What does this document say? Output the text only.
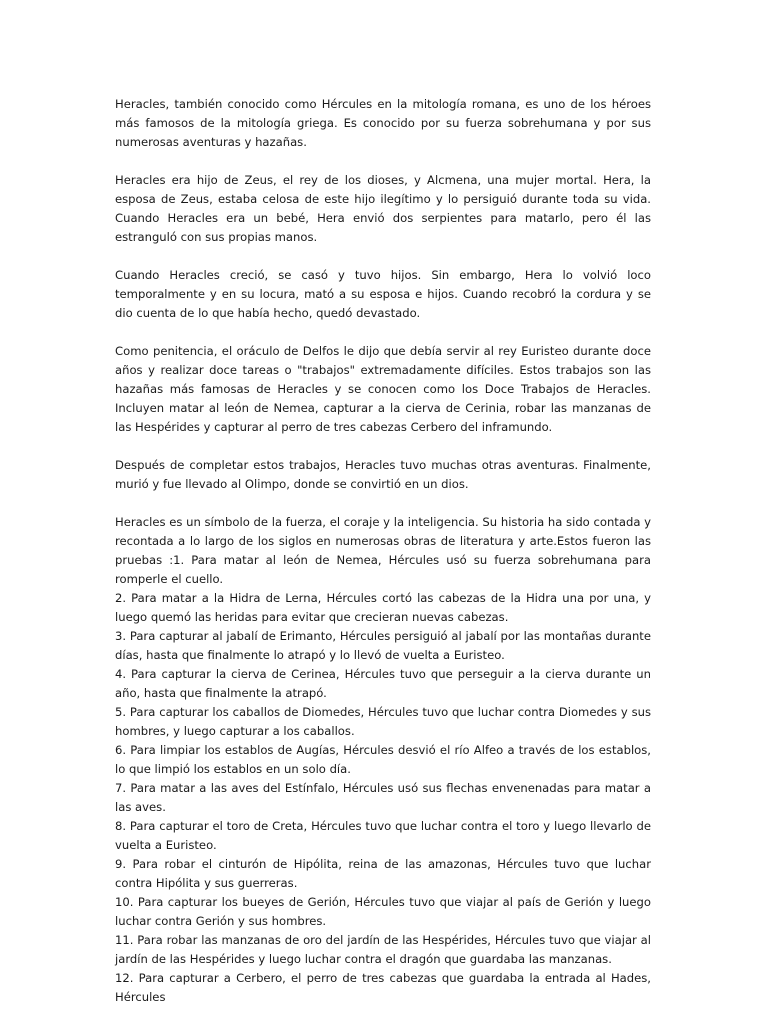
Heracles, también conocido como Hércules en la mitología romana, es uno de los héroes más famosos de la mitología griega. Es conocido por su fuerza sobrehumana y por sus numerosas aventuras y hazañas.

Heracles era hijo de Zeus, el rey de los dioses, y Alcmena, una mujer mortal. Hera, la esposa de Zeus, estaba celosa de este hijo ilegítimo y lo persiguió durante toda su vida. Cuando Heracles era un bebé, Hera envió dos serpientes para matarlo, pero él las estranguló con sus propias manos.

Cuando Heracles creció, se casó y tuvo hijos. Sin embargo, Hera lo volvió loco temporalmente y en su locura, mató a su esposa e hijos. Cuando recobró la cordura y se dio cuenta de lo que había hecho, quedó devastado.

Como penitencia, el oráculo de Delfos le dijo que debía servir al rey Euristeo durante doce años y realizar doce tareas o "trabajos" extremadamente difíciles. Estos trabajos son las hazañas más famosas de Heracles y se conocen como los Doce Trabajos de Heracles. Incluyen matar al león de Nemea, capturar a la cierva de Cerinia, robar las manzanas de las Hespérides y capturar al perro de tres cabezas Cerbero del inframundo.

Después de completar estos trabajos, Heracles tuvo muchas otras aventuras. Finalmente, murió y fue llevado al Olimpo, donde se convirtió en un dios.

Heracles es un símbolo de la fuerza, el coraje y la inteligencia. Su historia ha sido contada y recontada a lo largo de los siglos en numerosas obras de literatura y arte.Estos fueron las pruebas :1. Para matar al león de Nemea, Hércules usó su fuerza sobrehumana para romperle el cuello.

2. Para matar a la Hidra de Lerna, Hércules cortó las cabezas de la Hidra una por una, y luego quemó las heridas para evitar que crecieran nuevas cabezas.

3. Para capturar al jabalí de Erimanto, Hércules persiguió al jabalí por las montañas durante días, hasta que finalmente lo atrapó y lo llevó de vuelta a Euristeo.

4. Para capturar la cierva de Cerinea, Hércules tuvo que perseguir a la cierva durante un año, hasta que finalmente la atrapó.

5. Para capturar los caballos de Diomedes, Hércules tuvo que luchar contra Diomedes y sus hombres, y luego capturar a los caballos.

6. Para limpiar los establos de Augías, Hércules desvió el río Alfeo a través de los establos, lo que limpió los establos en un solo día.

7. Para matar a las aves del Estínfalo, Hércules usó sus flechas envenenadas para matar a las aves.

8. Para capturar el toro de Creta, Hércules tuvo que luchar contra el toro y luego llevarlo de vuelta a Euristeo.

9. Para robar el cinturón de Hipólita, reina de las amazonas, Hércules tuvo que luchar contra Hipólita y sus guerreras.

10. Para capturar los bueyes de Gerión, Hércules tuvo que viajar al país de Gerión y luego luchar contra Gerión y sus hombres.

11. Para robar las manzanas de oro del jardín de las Hespérides, Hércules tuvo que viajar al jardín de las Hespérides y luego luchar contra el dragón que guardaba las manzanas.

12. Para capturar a Cerbero, el perro de tres cabezas que guardaba la entrada al Hades, Hércules
